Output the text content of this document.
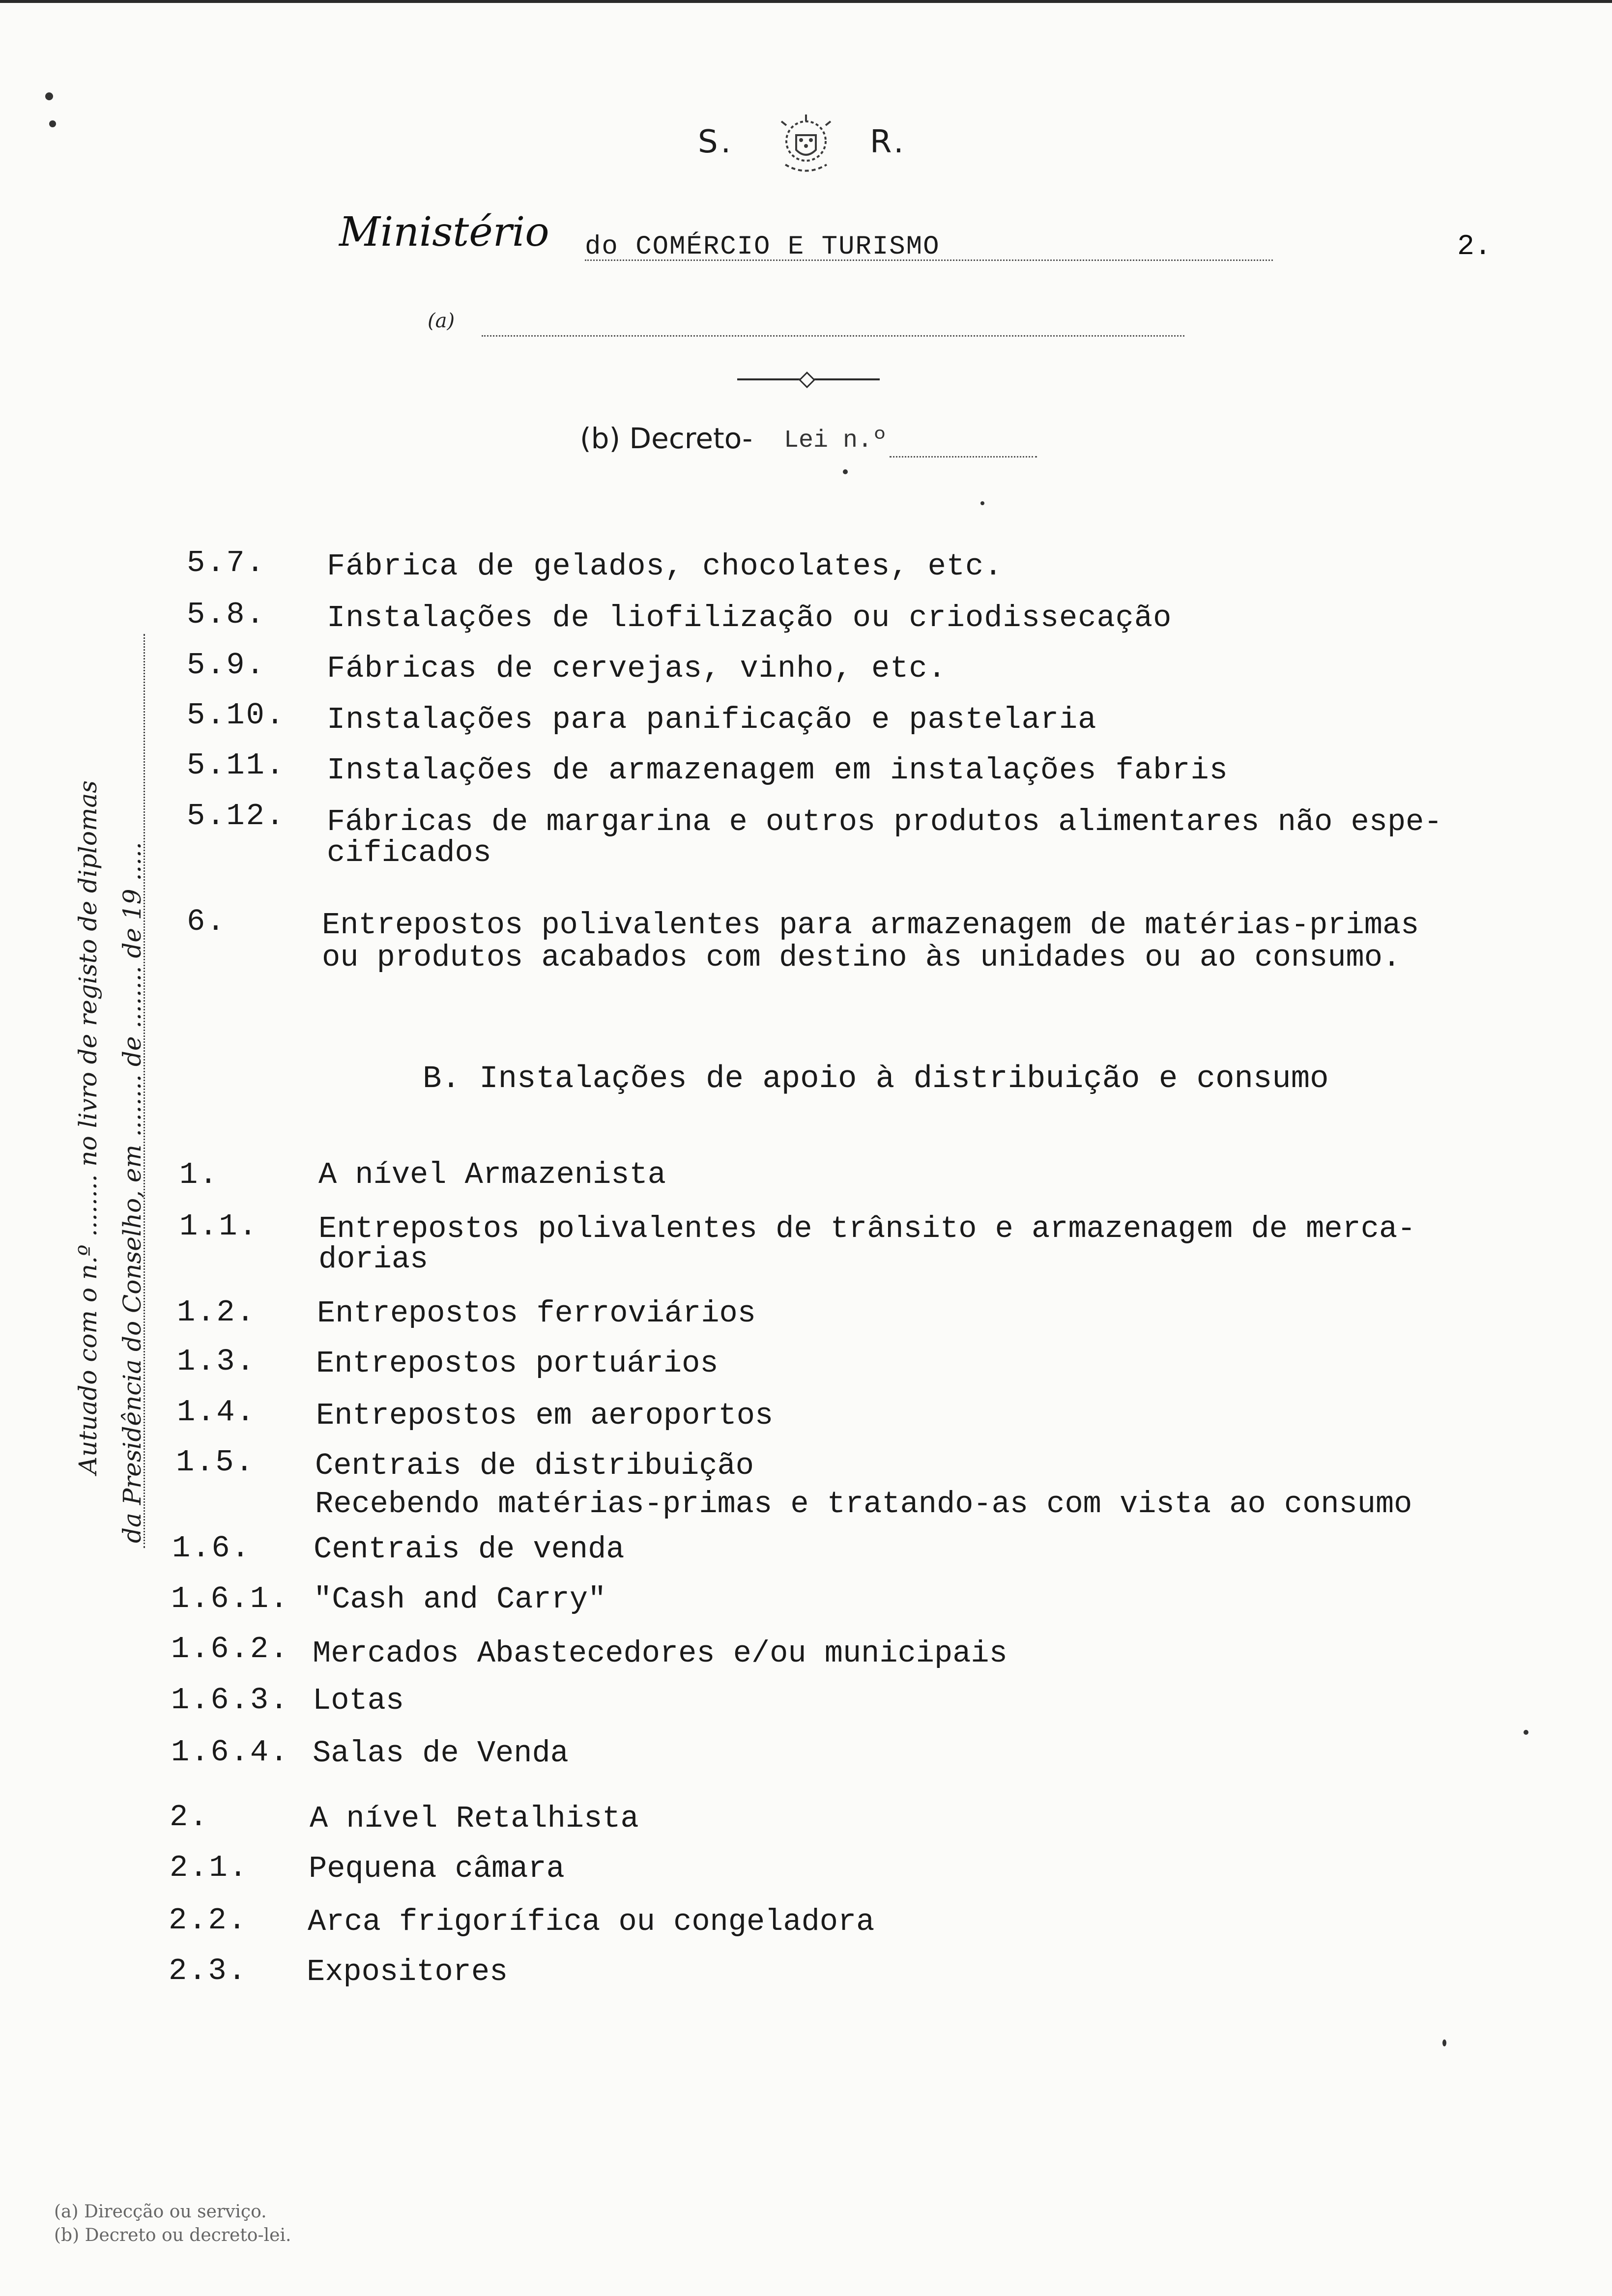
S.	R.
Ministério do COMÉRCIO E TURISMO	2.
(a)
(b) Decreto- Lei n.º
Autuado com o n.º ........ no livro de registo de diplomas da Presidência do Conselho, em ........ de ........ de 19 .....
5.7. Fábrica de gelados, chocolates, etc.
5.8. Instalações de liofilização ou criodissecação
5.9. Fábricas de cervejas, vinho, etc.
5.10. Instalações para panificação e pastelaria
5.11. Instalações de armazenagem em instalações fabris
5.12. Fábricas de margarina e outros produtos alimentares não espe-
cificados
6.	Entrepostos polivalentes para armazenagem de matérias-primas
ou produtos acabados com destino às unidades ou ao consumo.
B. Instalações de apoio à distribuição e consumo
1.	A nível Armazenista
1.1. Entrepostos polivalentes de trânsito e armazenagem de merca-
dorias
1.2. Entrepostos ferroviários
1.3. Entrepostos portuários
1.4. Entrepostos em aeroportos
1.5. Centrais de distribuição
Recebendo matérias-primas e tratando-as com vista ao consumo
1.6. Centrais de venda
1.6.1. "Cash and Carry"
1.6.2. Mercados Abastecedores e/ou municipais
1.6.3. Lotas
1.6.4. Salas de Venda
2.	A nível Retalhista
2.1. Pequena câmara
2.2. Arca frigorífica ou congeladora
2.3. Expositores
(a) Direcção ou serviço.
(b) Decreto ou decreto-lei.
